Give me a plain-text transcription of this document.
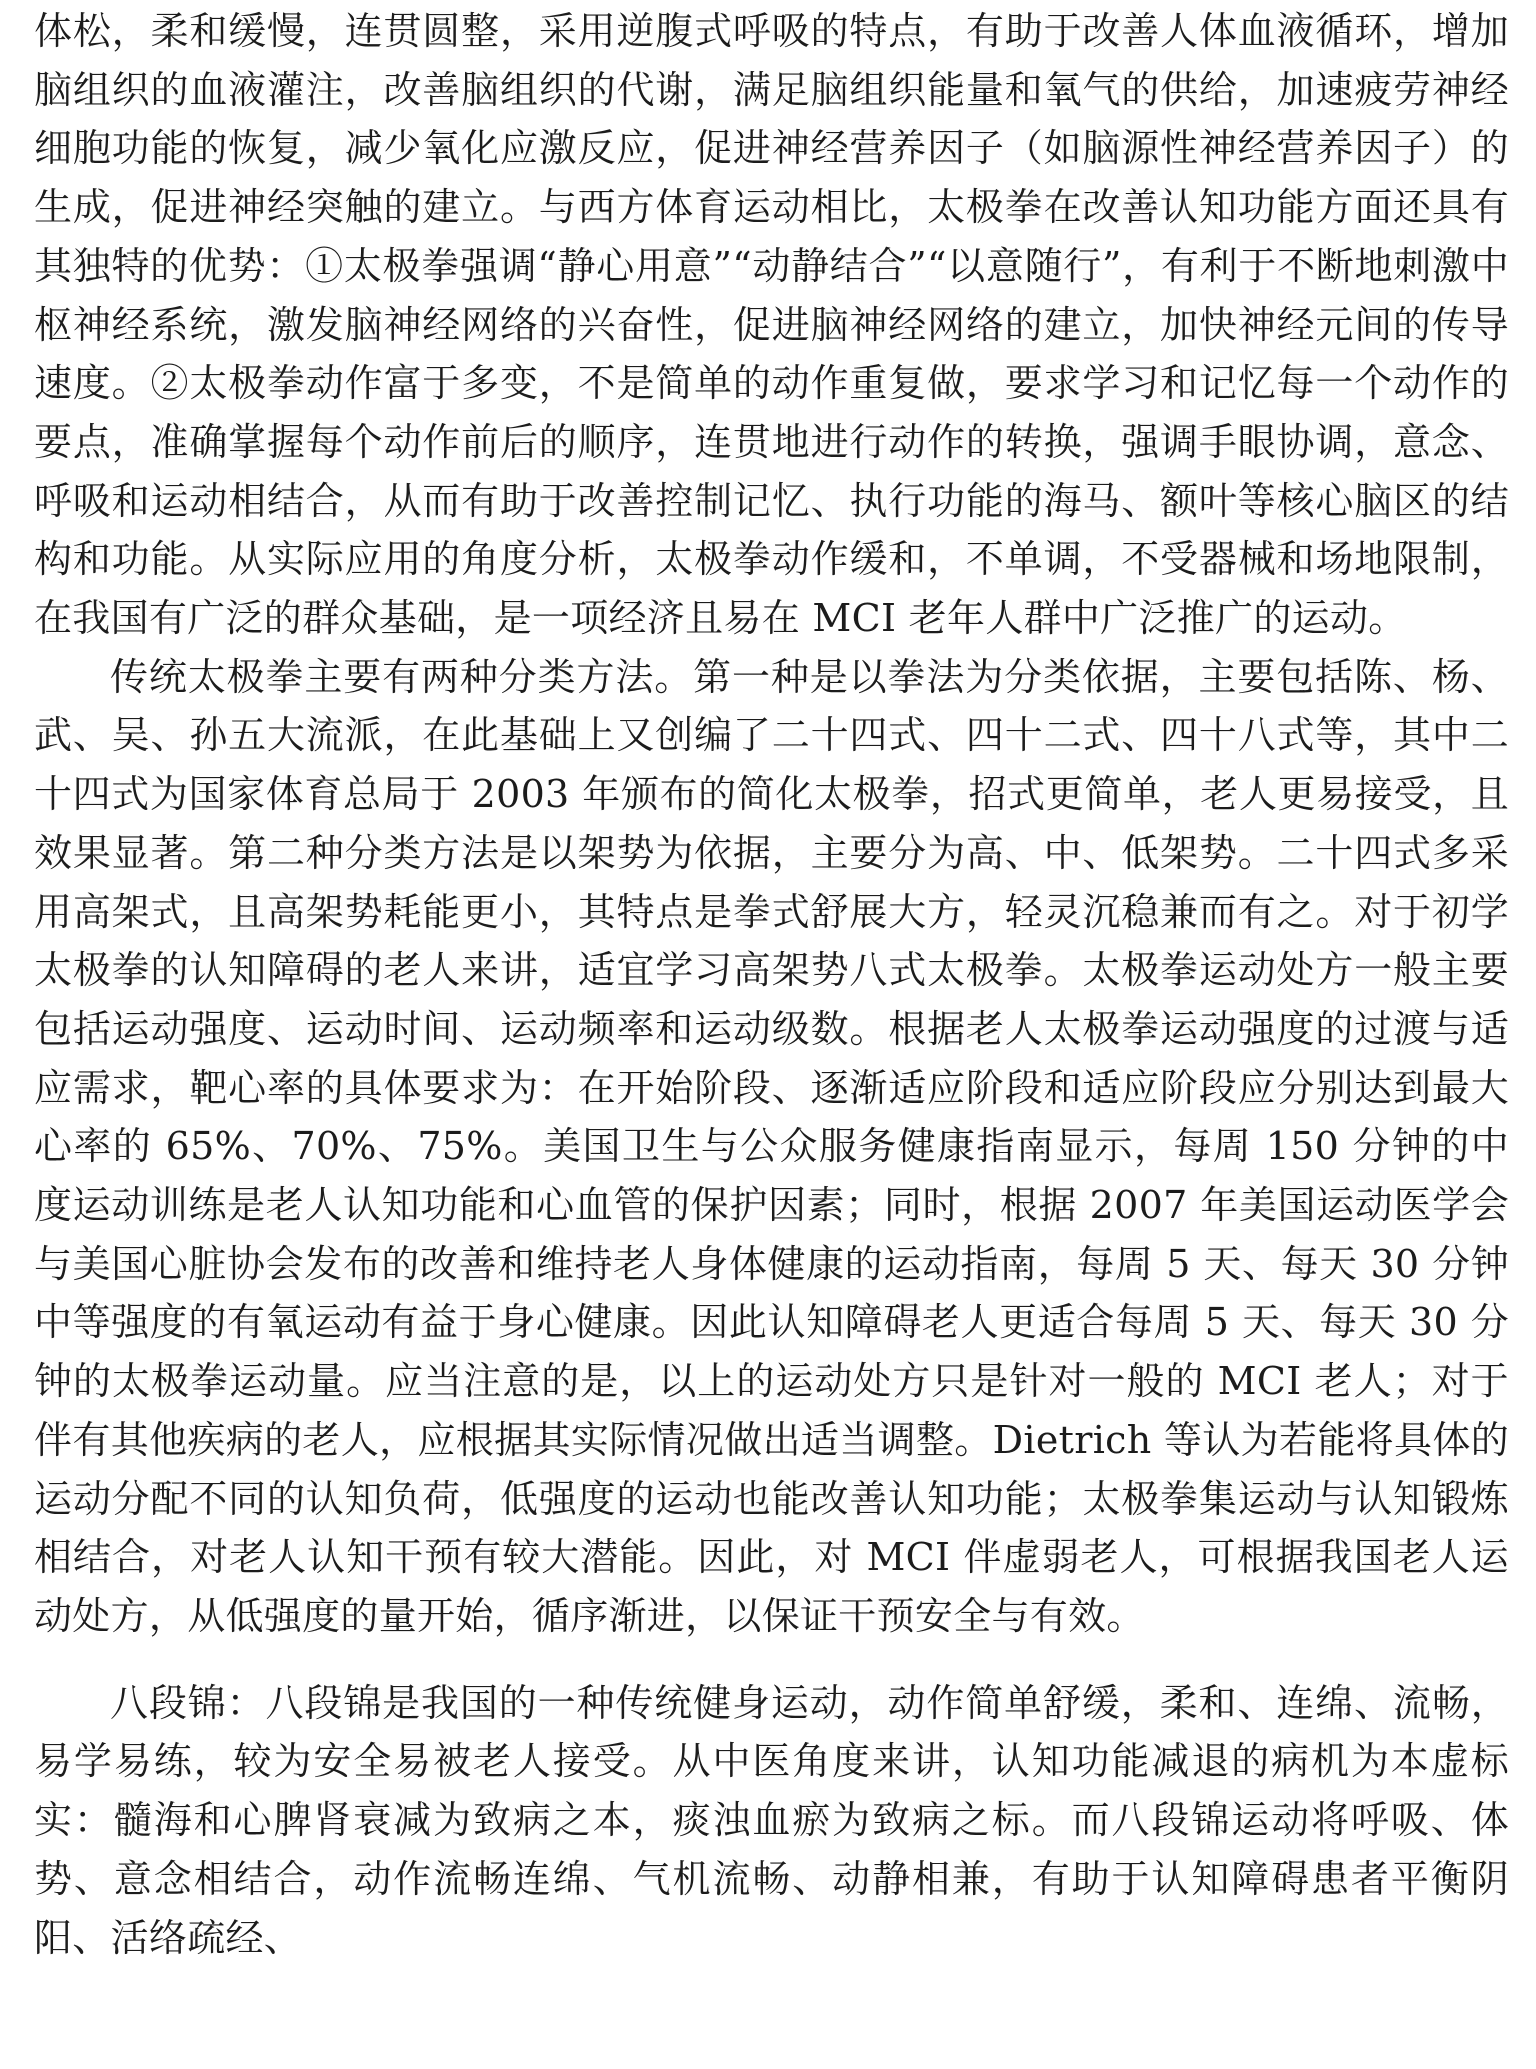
体松，柔和缓慢，连贯圆整，采用逆腹式呼吸的特点，有助于改善人体血液循环，增加脑组织的血液灌注，改善脑组织的代谢，满足脑组织能量和氧气的供给，加速疲劳神经细胞功能的恢复，减少氧化应激反应，促进神经营养因子（如脑源性神经营养因子）的生成，促进神经突触的建立。与西方体育运动相比，太极拳在改善认知功能方面还具有其独特的优势：①太极拳强调“静心用意”“动静结合”“以意随行”，有利于不断地刺激中枢神经系统，激发脑神经网络的兴奋性，促进脑神经网络的建立，加快神经元间的传导速度。②太极拳动作富于多变，不是简单的动作重复做，要求学习和记忆每一个动作的要点，准确掌握每个动作前后的顺序，连贯地进行动作的转换，强调手眼协调，意念、呼吸和运动相结合，从而有助于改善控制记忆、执行功能的海马、额叶等核心脑区的结构和功能。从实际应用的角度分析，太极拳动作缓和，不单调，不受器械和场地限制，在我国有广泛的群众基础，是一项经济且易在 MCI 老年人群中广泛推广的运动。

传统太极拳主要有两种分类方法。第一种是以拳法为分类依据，主要包括陈、杨、武、吴、孙五大流派，在此基础上又创编了二十四式、四十二式、四十八式等，其中二十四式为国家体育总局于 2003 年颁布的简化太极拳，招式更简单，老人更易接受，且效果显著。第二种分类方法是以架势为依据，主要分为高、中、低架势。二十四式多采用高架式，且高架势耗能更小，其特点是拳式舒展大方，轻灵沉稳兼而有之。对于初学太极拳的认知障碍的老人来讲，适宜学习高架势八式太极拳。太极拳运动处方一般主要包括运动强度、运动时间、运动频率和运动级数。根据老人太极拳运动强度的过渡与适应需求，靶心率的具体要求为：在开始阶段、逐渐适应阶段和适应阶段应分别达到最大心率的 65%、70%、75%。美国卫生与公众服务健康指南显示，每周 150 分钟的中度运动训练是老人认知功能和心血管的保护因素；同时，根据 2007 年美国运动医学会与美国心脏协会发布的改善和维持老人身体健康的运动指南，每周 5 天、每天 30 分钟中等强度的有氧运动有益于身心健康。因此认知障碍老人更适合每周 5 天、每天 30 分钟的太极拳运动量。应当注意的是，以上的运动处方只是针对一般的 MCI 老人；对于伴有其他疾病的老人，应根据其实际情况做出适当调整。Dietrich 等认为若能将具体的运动分配不同的认知负荷，低强度的运动也能改善认知功能；太极拳集运动与认知锻炼相结合，对老人认知干预有较大潜能。因此，对 MCI 伴虚弱老人，可根据我国老人运动处方，从低强度的量开始，循序渐进，以保证干预安全与有效。

八段锦：八段锦是我国的一种传统健身运动，动作简单舒缓，柔和、连绵、流畅，易学易练，较为安全易被老人接受。从中医角度来讲，认知功能减退的病机为本虚标实：髓海和心脾肾衰减为致病之本，痰浊血瘀为致病之标。而八段锦运动将呼吸、体势、意念相结合，动作流畅连绵、气机流畅、动静相兼，有助于认知障碍患者平衡阴阳、活络疏经、
